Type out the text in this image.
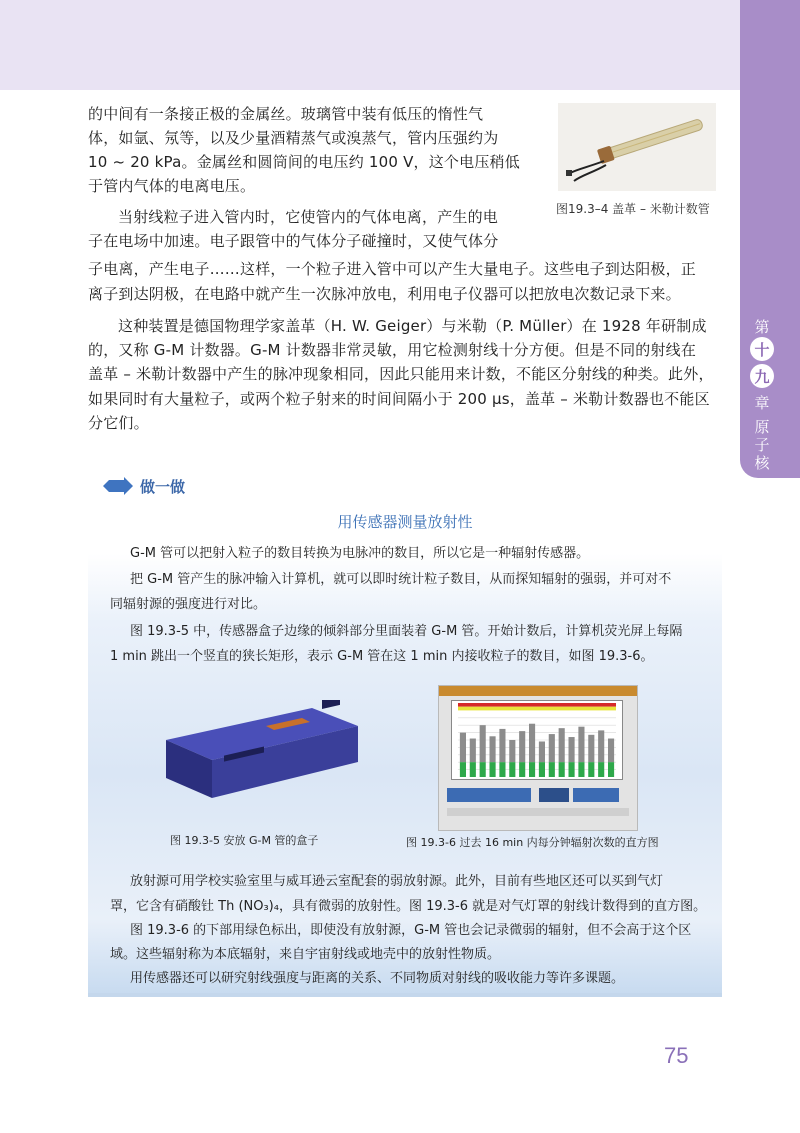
第
十
九
章
原
子
核

的中间有一条接正极的金属丝。玻璃管中装有低压的惰性气

体，如氩、氖等，以及少量酒精蒸气或溴蒸气，管内压强约为

10 ~ 20 kPa。金属丝和圆筒间的电压约 100 V，这个电压稍低

于管内气体的电离电压。

当射线粒子进入管内时，它使管内的气体电离，产生的电

子在电场中加速。电子跟管中的气体分子碰撞时，又使气体分

子电离，产生电子……这样，一个粒子进入管中可以产生大量电子。这些电子到达阳极，正

离子到达阴极，在电路中就产生一次脉冲放电，利用电子仪器可以把放电次数记录下来。

这种装置是德国物理学家盖革（H. W. Geiger）与米勒（P. Müller）在 1928 年研制成

的，又称 G-M 计数器。G-M 计数器非常灵敏，用它检测射线十分方便。但是不同的射线在

盖革 – 米勒计数器中产生的脉冲现象相同，因此只能用来计数，不能区分射线的种类。此外，

如果同时有大量粒子，或两个粒子射来的时间间隔小于 200 μs，盖革 – 米勒计数器也不能区

分它们。

图19.3–4 盖革 – 米勒计数管
做一做
用传感器测量放射性

G-M 管可以把射入粒子的数目转换为电脉冲的数目，所以它是一种辐射传感器。

把 G-M 管产生的脉冲输入计算机，就可以即时统计粒子数目，从而探知辐射的强弱，并可对不

同辐射源的强度进行对比。

图 19.3-5 中，传感器盒子边缘的倾斜部分里面装着 G-M 管。开始计数后，计算机荧光屏上每隔

1 min 跳出一个竖直的狭长矩形，表示 G-M 管在这 1 min 内接收粒子的数目，如图 19.3-6。

图 19.3-5 安放 G-M 管的盒子	图 19.3-6 过去 16 min 内每分钟辐射次数的直方图

放射源可用学校实验室里与威耳逊云室配套的弱放射源。此外，目前有些地区还可以买到气灯

罩，它含有硝酸钍 Th (NO₃)₄，具有微弱的放射性。图 19.3-6 就是对气灯罩的射线计数得到的直方图。

图 19.3-6 的下部用绿色标出，即使没有放射源，G-M 管也会记录微弱的辐射，但不会高于这个区

域。这些辐射称为本底辐射，来自宇宙射线或地壳中的放射性物质。

用传感器还可以研究射线强度与距离的关系、不同物质对射线的吸收能力等许多课题。

75
